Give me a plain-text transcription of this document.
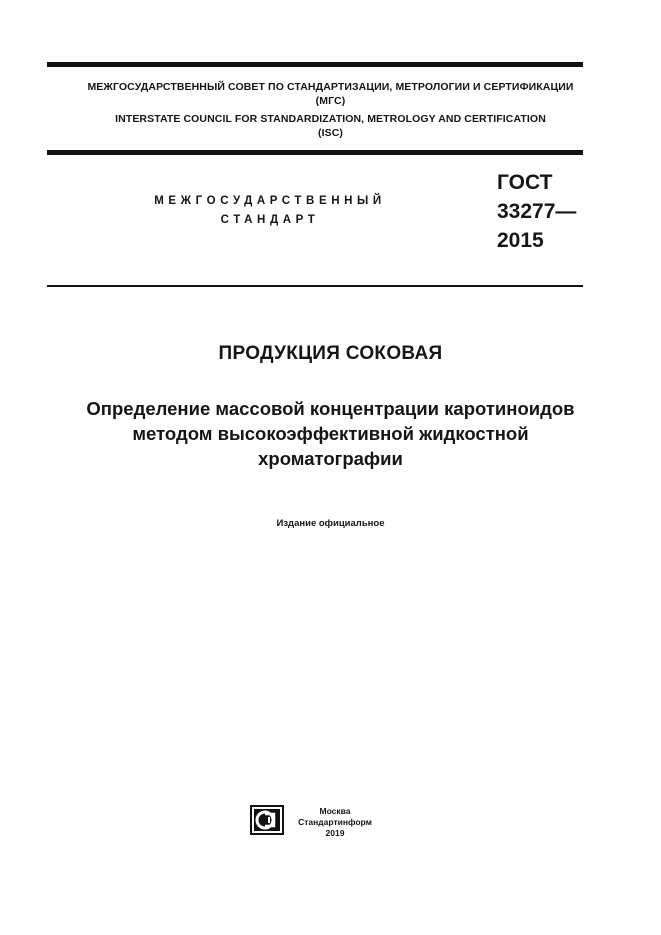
МЕЖГОСУДАРСТВЕННЫЙ СОВЕТ ПО СТАНДАРТИЗАЦИИ, МЕТРОЛОГИИ И СЕРТИФИКАЦИИ
(МГС)
INTERSTATE COUNCIL FOR STANDARDIZATION, METROLOGY AND CERTIFICATION
(ISC)
МЕЖГОСУДАРСТВЕННЫЙ
СТАНДАРТ
ГОСТ
33277—
2015
ПРОДУКЦИЯ СОКОВАЯ
Определение массовой концентрации каротиноидов
методом высокоэффективной жидкостной
хроматографии
Издание официальное
Москва
Стандартинформ
2019
